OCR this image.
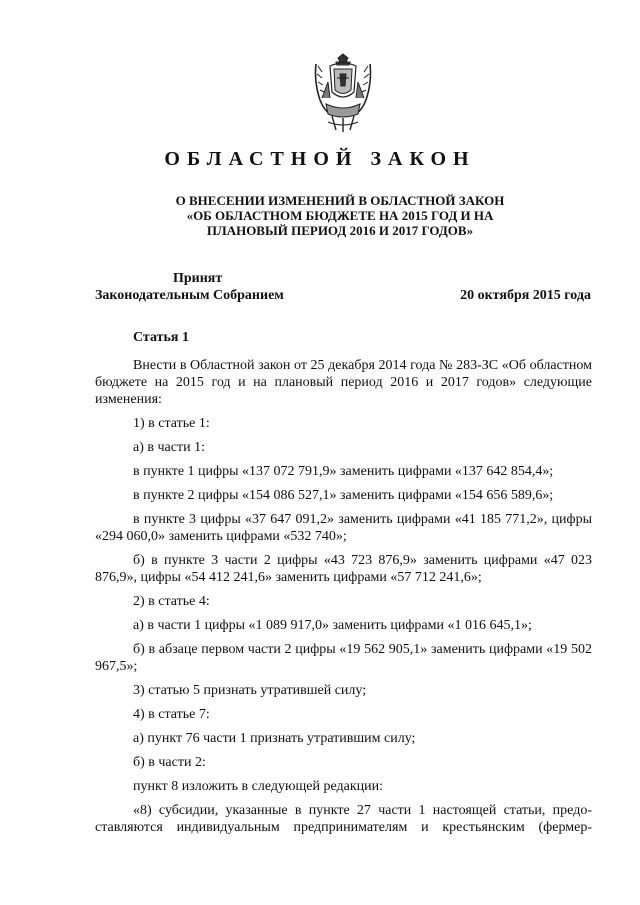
ОБЛАСТНОЙ ЗАКОН
О ВНЕСЕНИИ ИЗМЕНЕНИЙ В ОБЛАСТНОЙ ЗАКОН
«ОБ ОБЛАСТНОМ БЮДЖЕТЕ НА 2015 ГОД И НА
ПЛАНОВЫЙ ПЕРИОД 2016 И 2017 ГОДОВ»
Принят
Законодательным Собранием	20 октября 2015 года
Статья 1

Внести в Областной закон от 25 декабря 2014 года № 283-ЗС «Об областном бюджете на 2015 год и на плановый период 2016 и 2017 годов» следующие изменения:

1) в статье 1:

а) в части 1:

в пункте 1 цифры «137 072 791,9» заменить цифрами «137 642 854,4»;

в пункте 2 цифры «154 086 527,1» заменить цифрами «154 656 589,6»;

в пункте 3 цифры «37 647 091,2» заменить цифрами «41 185 771,2», цифры «294 060,0» заменить цифрами «532 740»;

б) в пункте 3 части 2 цифры «43 723 876,9» заменить цифрами «47 023 876,9», цифры «54 412 241,6» заменить цифрами «57 712 241,6»;

2) в статье 4:

а) в части 1 цифры «1 089 917,0» заменить цифрами «1 016 645,1»;

б) в абзаце первом части 2 цифры «19 562 905,1» заменить цифрами «19 502 967,5»;

3) статью 5 признать утратившей силу;

4) в статье 7:

а) пункт 76 части 1 признать утратившим силу;

б) в части 2:

пункт 8 изложить в следующей редакции:

«8) субсидии, указанные в пункте 27 части 1 настоящей статьи, предоставляются индивидуальным предпринимателям и крестьянским (фермер-
